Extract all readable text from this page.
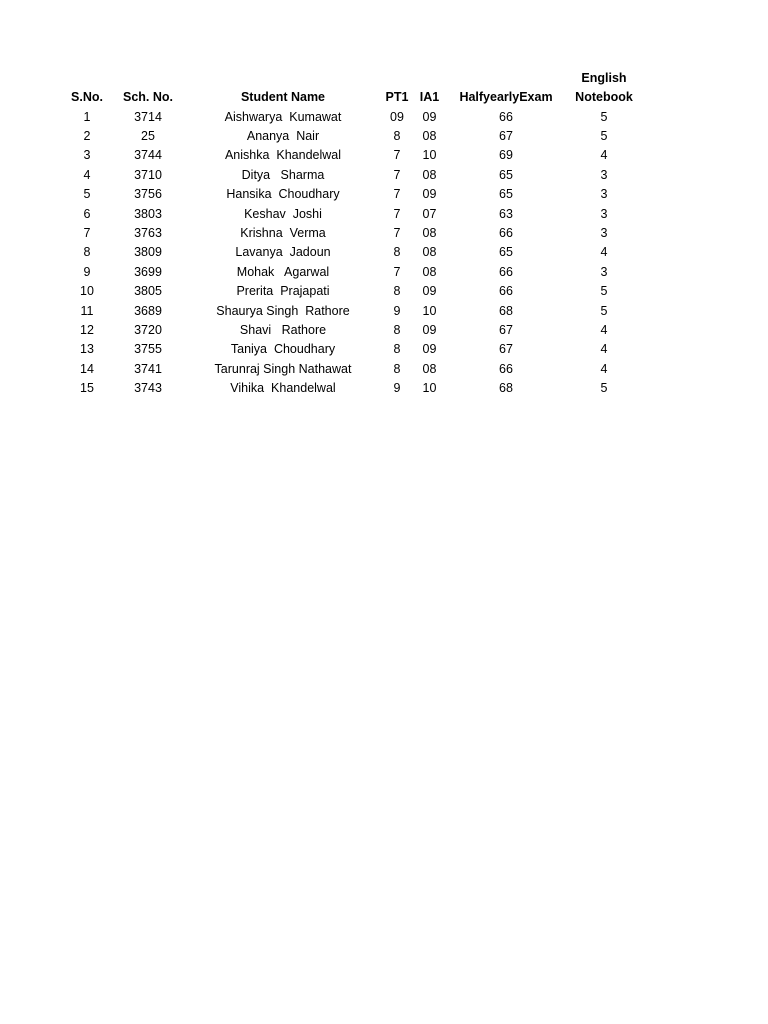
						English
S.No.	Sch. No.	Student Name	PT1	IA1	HalfyearlyExam	Notebook
1	3714	Aishwarya  Kumawat	09	09	66	5
2	25	Ananya  Nair	8	08	67	5
3	3744	Anishka  Khandelwal	7	10	69	4
4	3710	Ditya   Sharma	7	08	65	3
5	3756	Hansika  Choudhary	7	09	65	3
6	3803	Keshav  Joshi	7	07	63	3
7	3763	Krishna  Verma	7	08	66	3
8	3809	Lavanya  Jadoun	8	08	65	4
9	3699	Mohak   Agarwal	7	08	66	3
10	3805	Prerita  Prajapati	8	09	66	5
11	3689	Shaurya Singh  Rathore	9	10	68	5
12	3720	Shavi   Rathore	8	09	67	4
13	3755	Taniya  Choudhary	8	09	67	4
14	3741	Tarunraj Singh Nathawat	8	08	66	4
15	3743	Vihika  Khandelwal	9	10	68	5
